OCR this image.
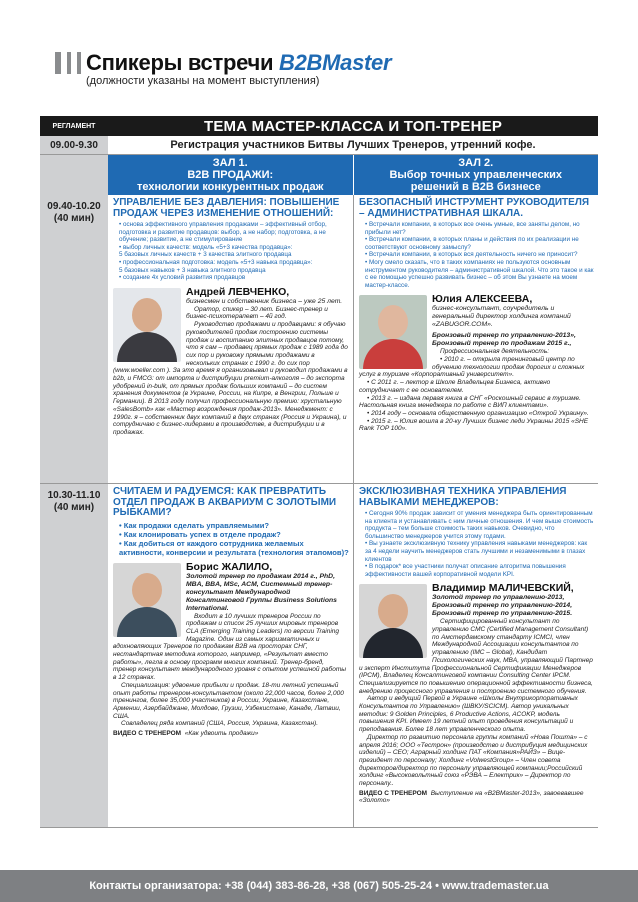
Спикеры встречи B2BMaster
(должности указаны на момент выступления)
РЕГЛАМЕНТ	ТЕМА МАСТЕР-КЛАССА И ТОП-ТРЕНЕР
09.00-9.30	Регистрация участников Битвы Лучших Тренеров, утренний кофе.
ЗАЛ 1.
B2B ПРОДАЖИ:
технологии конкурентных продаж
ЗАЛ 2.
Выбор точных управленческих
решений в B2B бизнесе
09.40-10.20
(40 мин)
УПРАВЛЕНИЕ БЕЗ ДАВЛЕНИЯ: ПОВЫШЕНИЕ ПРОДАЖ ЧЕРЕЗ ИЗМЕНЕНИЕ ОТНОШЕНИЙ:
• основа эффективного управления продажами – эффективный отбор, подготовка и развитие продавцов: выбор, а не набор; подготовка, а не обучение; развитие, а не стимулирование
• выбор личных качеств: модель «5+3 качества продавца»:
5 базовых личных качеств + 3 качества элитного продавца
• профессиональная подготовка: модель «5+3 навыка продавца»:
5 базовых навыков + 3 навыка элитного продавца
• создание 4х условий развития продавцов
Андрей ЛЕВЧЕНКО,
бизнесмен и собственник бизнеса – уже 25 лет.

Оратор, спикер – 30 лет. Бизнес-тренер и бизнес-психотерапевт – 4й год.

Руководство продажами и продавцами: я обучаю руководителей продаж построению системы продаж и воспитанию элитных продавцов потому, что я сам – продавец прямых продаж с 1989 года до сих пор и руковожу прямыми продажами в нескольких странах с 1990 г. до сих пор (www.woeller.com ). За это время я организовывал и руководил продажами в b2b, и FMCG: от импорта и дистрибуции premium-алкоголя – до экспорта удобрений in-bulk, от прямых продаж больших компаний – до систем хранения документов (в Украине, России, на Кипре, в Венгрии, Польше и Германии). В 2013 году получил профессиональную премию: хрустальную «SalesBomb» как «Мастер возрождения продаж-2013». Менеджмент: с 1990г. я – собственник двух компаний в двух странах (Россия и Украина), и сотрудничаю с бизнес-лидерами в производстве, в дистрибуции и в продажах.

БЕЗОПАСНЫЙ ИНСТРУМЕНТ РУКОВОДИТЕЛЯ – АДМИНИСТРАТИВНАЯ ШКАЛА.
• Встречали компании, в которых все очень умные, все заняты делом, но прибыли нет?
• Встречали компании, в которых планы и действия по их реализации не соответствуют основному замыслу?
• Встречали компании, в которых вся деятельность ничего не приносит?
• Могу смело сказать, что в таких компаниях не пользуются основным инструментом руководителя – административной шкалой. Что это такое и как с ее помощью успешно развивать бизнес – об этом Вы узнаете на моем мастер-классе.
Юлия АЛЕКСЕЕВА,
бизнес-консультант, соучредитель и генеральный директор холдинга компаний «ZABUGOR.COM».
Бронзовый тренер по управлению-2013», Бронзовый тренер по продажам 2015 г.,

Профессиональная деятельность:

• 2010 г. – открыла тренинговый центр по обучению технологии продаж дорогих и сложных услуг в туризме «Корпоративный университет».

• С 2011 г. – лектор в Школе Владельцев Бизнеса, активно сотрудничает с ее основателем.

• 2013 г. – издана первая книга в СНГ «Роскошный сервис в туризме. Настольная книга менеджера по работе с ВИП клиентами».

• 2014 году – основала общественную организацию «Открой Украину».

• 2015 г. – Юлия вошла в 20-ку Лучших бизнес леди Украины 2015 «SHE Rank TOP 100».

10.30-11.10
(40 мин)
СЧИТАЕМ И РАДУЕМСЯ: КАК ПРЕВРАТИТЬ ОТДЕЛ ПРОДАЖ В АКВАРИУМ С ЗОЛОТЫМИ РЫБКАМИ?
• Как продажи сделать управляемыми?
• Как клонировать успех в отделе продаж?
• Как добиться от каждого сотрудника желаемых активности, конверсии и результата (технология этапомов)?
Борис ЖАЛИЛО,
Золотой тренер по продажам 2014 г., PhD, MBA, BBA, MSc, ACM, Системный тренер-консультант Международной Консалтинговой Группы Business Solutions International.

Входит в 10 лучших тренеров России по продажам и список 25 лучших мировых тренеров CLA (Emerging Training Leaders) по версии Training Magazine. Один из самых харизматичных и вдохновляющих Тренеров по продажам В2В на просторах СНГ, нестандартная методика которого, например, «Результат вместо работы», легла в основу программ многих компаний. Тренер-бренд, тренер консультант международного уровня с опытом успешной работы в 12 странах.

Специализация: удвоение прибыли и продаж. 18-ти летний успешный опыт работы тренером-консультантом (около 22,000 часов, более 2,000 тренингов, более 35,000 участников) в России, Украине, Казахстане, Армении, Азербайджане, Молдове, Грузии, Узбекистане, Канаде, Латвии, США.

Совладелец ряда компаний (США, Россия, Украина, Казахстан).

ВИДЕО С ТРЕНЕРОМ «Как удвоить продажи»
ЭКСКЛЮЗИВНАЯ ТЕХНИКА УПРАВЛЕНИЯ НАВЫКАМИ МЕНЕДЖЕРОВ:
• Сегодня 90% продаж зависит от умения менеджера быть ориентированным на клиента и устанавливать с ним личные отношения. И чем выше стоимость продукта – тем больше стоимость таких навыков. Очевидно, что большинство менеджеров учится этому годами.
• Вы узнаете эксклюзивную технику управления навыками менеджеров: как за 4 недели научить менеджеров стать лучшими и незаменимыми в глазах клиентов
• В подарок* все участники получат описание алгоритма повышения эффективности вашей корпоративной модели KPI.
Владимир МАЛИЧЕВСКИЙ,
Золотой тренер по управлению-2013, Бронзовый тренер по управлению-2014, Бронзовый тренер по управлению-2015.

Сертифицированный консультант по управлению CMC (Certified Management Consultant) по Амстердамскому стандарту ICMCI, член Международной Ассоциации консультантов по управлению (IMC – Global), Кандидат Психологических наук, MBA, управляющий Партнер и эксперт Института Профессиональной Сертификации Менеджеров (IPCM), Владелец Консалтинговой компании Consulting Center IPCM. Специализируется по повышению операционной эффективности бизнеса, внедрению процессного управления и построению системного обучения.

Автор и ведущий Первой в Украине «Школы Внутрикорпоративных Консультантов по Управлению» (ШВКУ/SCICM). Автор уникальных методик: 9 Golden Principles, 6 Productive Actions, ACOKP, модель повышения KPI. Имеет 19 летний опыт проведения консультаций и преподавания. Более 18 лет управленческого опыта.

Директор по развитию персонала группы компаний «Нова Пошта» – с апреля 2016; ООО «Тестрон» (производство и дистрибуция медицинских изделий) – CEO; Аграрный холдинг ПАТ «Компания»РАЙЗ» – Вице-президент по персоналу; Холдинг «VolwestGroup» – Член совета директоров/директор по персоналу управляющей компании;Российский холдинг «Высоковольтный союз «РЭВА – Електрик» – Директор по персоналу..

ВИДЕО С ТРЕНЕРОМ Выступление на «B2BMaster-2013», завоевавшее «Золото»
Контакты организатора: +38 (044) 383-86-28, +38 (067) 505-25-24 • www.trademaster.ua
